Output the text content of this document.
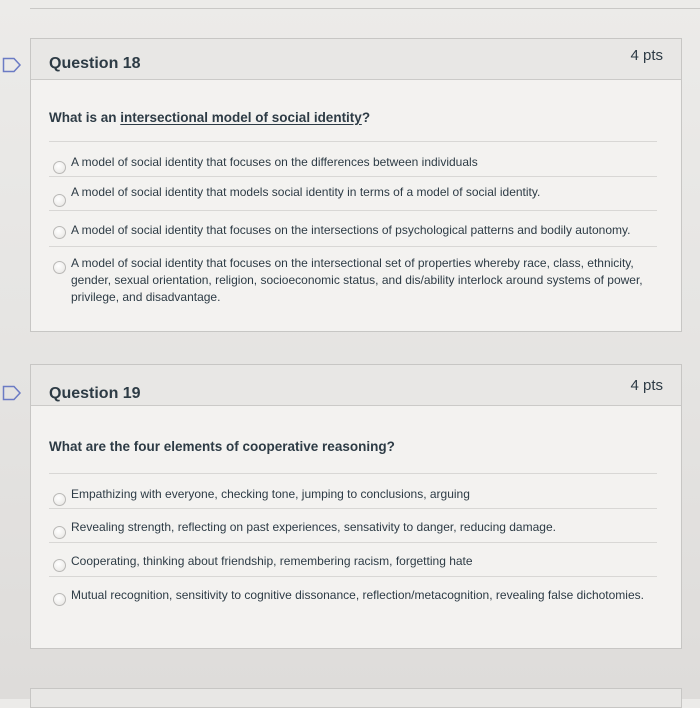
Question 18	4 pts
What is an intersectional model of social identity?
A model of social identity that focuses on the differences between individuals
A model of social identity that models social identity in terms of a model of social identity.
A model of social identity that focuses on the intersections of psychological patterns and bodily autonomy.
A model of social identity that focuses on the intersectional set of properties whereby race, class, ethnicity, gender, sexual orientation, religion, socioeconomic status, and dis/ability interlock around systems of power, privilege, and disadvantage.
Question 19	4 pts
What are the four elements of cooperative reasoning?
Empathizing with everyone, checking tone, jumping to conclusions, arguing
Revealing strength, reflecting on past experiences, sensativity to danger, reducing damage.
Cooperating, thinking about friendship, remembering racism, forgetting hate
Mutual recognition, sensitivity to cognitive dissonance, reflection/metacognition, revealing false dichotomies.
